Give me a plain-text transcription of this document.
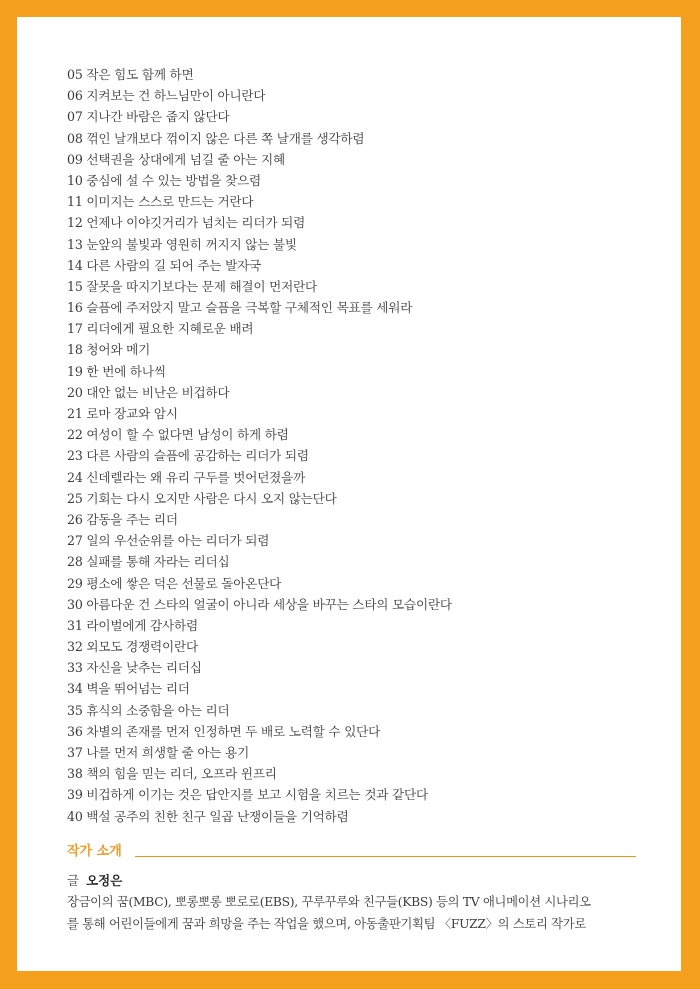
05 작은 힘도 함께 하면
06 지켜보는 건 하느님만이 아니란다
07 지나간 바람은 줍지 않단다
08 꺾인 날개보다 꺾이지 않은 다른 쪽 날개를 생각하렴
09 선택권을 상대에게 넘길 줄 아는 지혜
10 중심에 설 수 있는 방법을 찾으렴
11 이미지는 스스로 만드는 거란다
12 언제나 이야깃거리가 넘치는 리더가 되렴
13 눈앞의 불빛과 영원히 꺼지지 않는 불빛
14 다른 사람의 길 되어 주는 발자국
15 잘못을 따지기보다는 문제 해결이 먼저란다
16 슬픔에 주저앉지 말고 슬픔을 극복할 구체적인 목표를 세워라
17 리더에게 필요한 지혜로운 배려
18 청어와 메기
19 한 번에 하나씩
20 대안 없는 비난은 비겁하다
21 로마 장교와 암시
22 여성이 할 수 없다면 남성이 하게 하렴
23 다른 사람의 슬픔에 공감하는 리더가 되렴
24 신데렐라는 왜 유리 구두를 벗어던졌을까
25 기회는 다시 오지만 사람은 다시 오지 않는단다
26 감동을 주는 리더
27 일의 우선순위를 아는 리더가 되렴
28 실패를 통해 자라는 리더십
29 평소에 쌓은 덕은 선물로 돌아온단다
30 아름다운 건 스타의 얼굴이 아니라 세상을 바꾸는 스타의 모습이란다
31 라이벌에게 감사하렴
32 외모도 경쟁력이란다
33 자신을 낮추는 리더십
34 벽을 뛰어넘는 리더
35 휴식의 소중함을 아는 리더
36 차별의 존재를 먼저 인정하면 두 배로 노력할 수 있단다
37 나를 먼저 희생할 줄 아는 용기
38 책의 힘을 믿는 리더, 오프라 윈프리
39 비겁하게 이기는 것은 답안지를 보고 시험을 치르는 것과 같단다
40 백설 공주의 친한 친구 일곱 난쟁이들을 기억하렴
작가 소개
글 오정은
장금이의 꿈(MBC), 뽀롱뽀롱 뽀로로(EBS), 꾸루꾸루와 친구들(KBS) 등의 TV 애니메이션 시나리오
를 통해 어린이들에게 꿈과 희망을 주는 작업을 했으며, 아동출판기획팀 〈FUZZ〉의 스토리 작가로
